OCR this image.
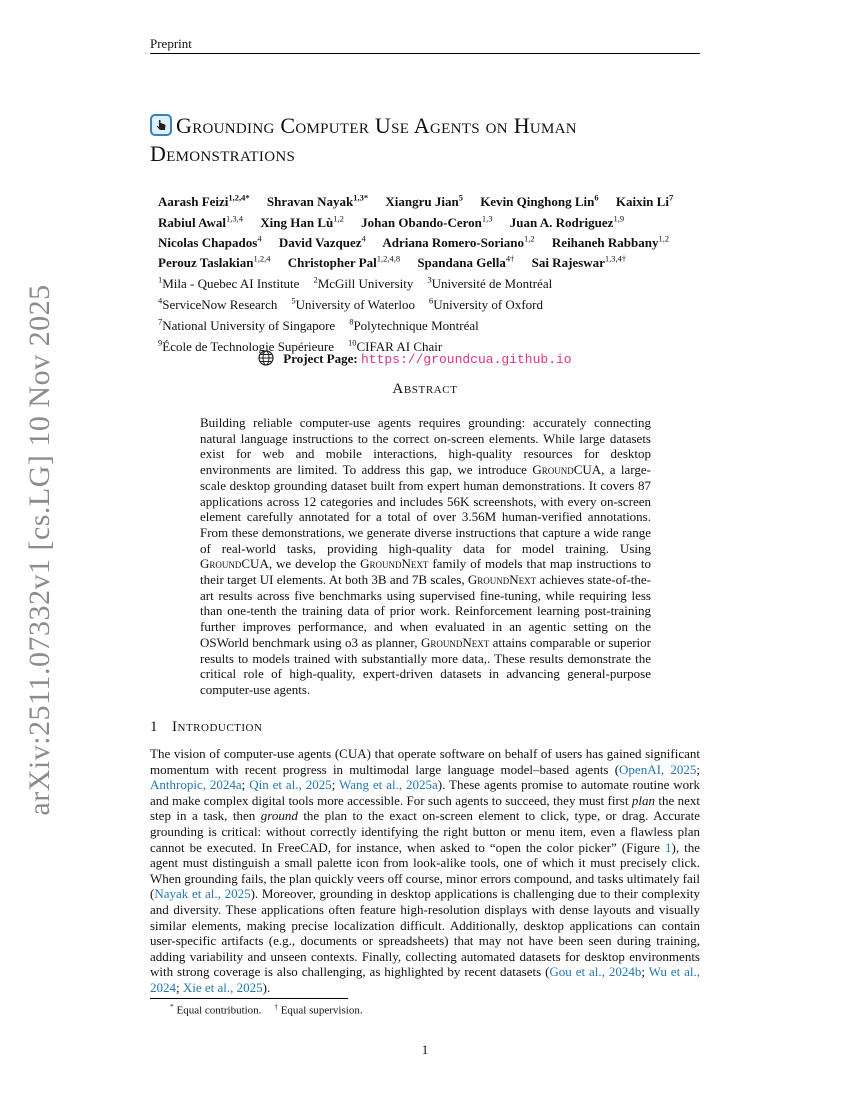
Preprint
arXiv:2511.07332v1 [cs.LG] 10 Nov 2025
Grounding Computer Use Agents on Human Demonstrations
Aarash Feizi$^{1,2,4*}$ Shravan Nayak$^{1,3*}$ Xiangru Jian$^5$ Kevin Qinghong Lin$^6$ Kaixin Li$^7$ Rabiul Awal$^{1,3,4}$ Xing Han Lù$^{1,2}$ Johan Obando-Ceron$^{1,3}$ Juan A. Rodriguez$^{1,9}$ Nicolas Chapados$^4$ David Vazquez$^4$ Adriana Romero-Soriano$^{1,2}$ Reihaneh Rabbany$^{1,2}$ Perouz Taslakian$^{1,2,4}$ Christopher Pal$^{1,2,4,8}$ Spandana Gella$^{4\dagger}$ Sai Rajeswar$^{1,3,4\dagger}$
$^1$Mila - Quebec AI Institute $^2$McGill University $^3$Université de Montréal
$^4$ServiceNow Research $^5$University of Waterloo $^6$University of Oxford
$^7$National University of Singapore $^8$Polytechnique Montréal
$^9$École de Technologie Supérieure $^{10}$CIFAR AI Chair
Project Page: https://groundcua.github.io
Abstract
Building reliable computer-use agents requires grounding: accurately connecting natural language instructions to the correct on-screen elements. While large datasets exist for web and mobile interactions, high-quality resources for desktop environments are limited. To address this gap, we introduce GroundCUA, a large-scale desktop grounding dataset built from expert human demonstrations. It covers 87 applications across 12 categories and includes 56K screenshots, with every on-screen element carefully annotated for a total of over 3.56M human-verified annotations. From these demonstrations, we generate diverse instructions that capture a wide range of real-world tasks, providing high-quality data for model training. Using GroundCUA, we develop the GroundNext family of models that map instructions to their target UI elements. At both 3B and 7B scales, GroundNext achieves state-of-the-art results across five benchmarks using supervised fine-tuning, while requiring less than one-tenth the training data of prior work. Reinforcement learning post-training further improves performance, and when evaluated in an agentic setting on the OSWorld benchmark using o3 as planner, GroundNext attains comparable or superior results to models trained with substantially more data,. These results demonstrate the critical role of high-quality, expert-driven datasets in advancing general-purpose computer-use agents.
1 Introduction
The vision of computer-use agents (CUA) that operate software on behalf of users has gained significant momentum with recent progress in multimodal large language model–based agents (OpenAI, 2025; Anthropic, 2024a; Qin et al., 2025; Wang et al., 2025a). These agents promise to automate routine work and make complex digital tools more accessible. For such agents to succeed, they must first plan the next step in a task, then ground the plan to the exact on-screen element to click, type, or drag. Accurate grounding is critical: without correctly identifying the right button or menu item, even a flawless plan cannot be executed. In FreeCAD, for instance, when asked to “open the color picker” (Figure 1), the agent must distinguish a small palette icon from look-alike tools, one of which it must precisely click. When grounding fails, the plan quickly veers off course, minor errors compound, and tasks ultimately fail (Nayak et al., 2025). Moreover, grounding in desktop applications is challenging due to their complexity and diversity. These applications often feature high-resolution displays with dense layouts and visually similar elements, making precise localization difficult. Additionally, desktop applications can contain user-specific artifacts (e.g., documents or spreadsheets) that may not have been seen during training, adding variability and unseen contexts. Finally, collecting automated datasets for desktop environments with strong coverage is also challenging, as highlighted by recent datasets (Gou et al., 2024b; Wu et al., 2024; Xie et al., 2025).
* Equal contribution. † Equal supervision.
1
